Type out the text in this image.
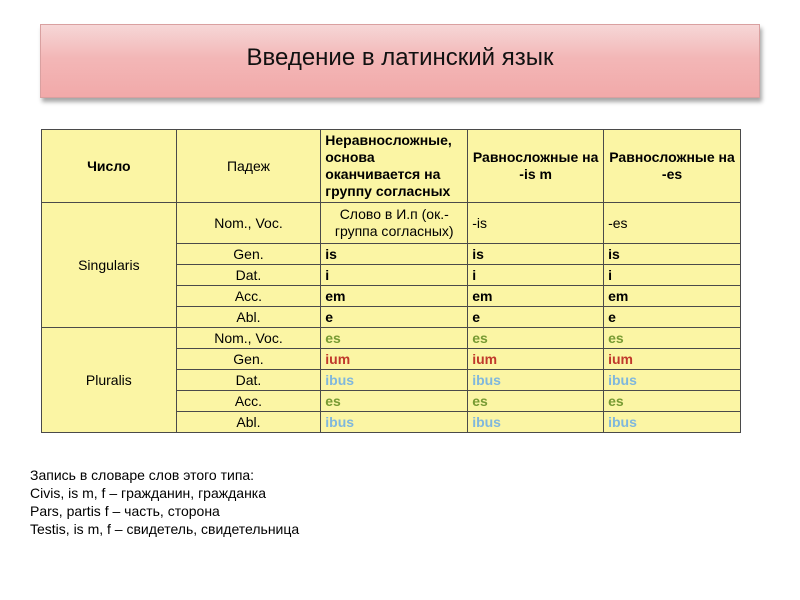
Введение в латинский язык
Число	Падеж	Неравносложные, основа оканчивается на группу согласных	Равносложные на -is m	Равносложные на -es
Singularis	Nom., Voc.	Слово в И.п (ок.- группа согласных)	-is	-es
	Gen.	is	is	is
	Dat.	i	i	i
	Acc.	em	em	em
	Abl.	e	e	e
Pluralis	Nom., Voc.	es	es	es
	Gen.	ium	ium	ium
	Dat.	ibus	ibus	ibus
	Acc.	es	es	es
	Abl.	ibus	ibus	ibus
Запись в словаре слов этого типа:
Civis, is m, f – гражданин, гражданка
Pars, partis f – часть, сторона
Testis, is m, f – свидетель, свидетельница
